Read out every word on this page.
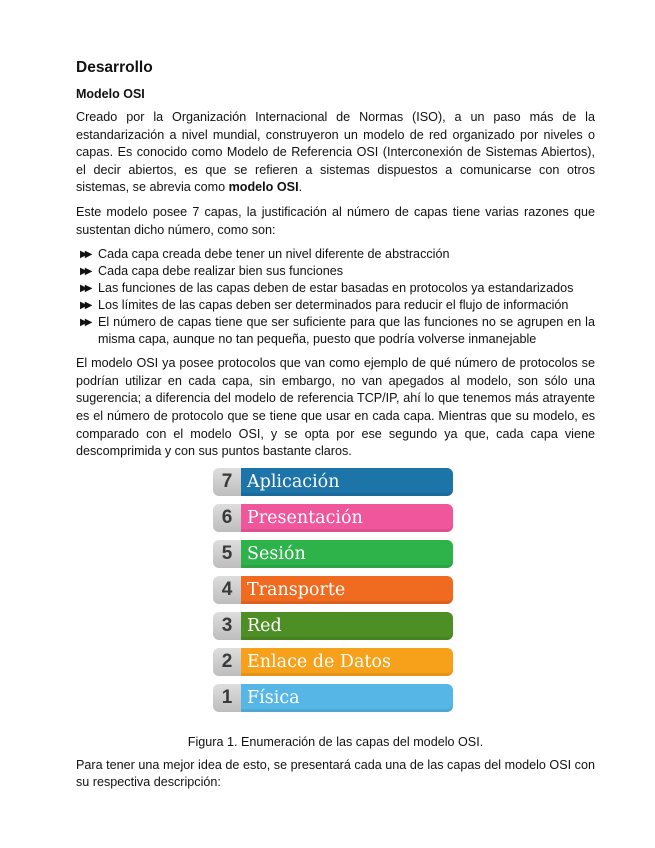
Desarrollo
Modelo OSI

Creado por la Organización Internacional de Normas (ISO), a un paso más de la estandarización a nivel mundial, construyeron un modelo de red organizado por niveles o capas. Es conocido como Modelo de Referencia OSI (Interconexión de Sistemas Abiertos), el decir abiertos, es que se refieren a sistemas dispuestos a comunicarse con otros sistemas, se abrevia como modelo OSI.

Este modelo posee 7 capas, la justificación al número de capas tiene varias razones que sustentan dicho número, como son:

▶▶ Cada capa creada debe tener un nivel diferente de abstracción
▶▶ Cada capa debe realizar bien sus funciones
▶▶ Las funciones de las capas deben de estar basadas en protocolos ya estandarizados
▶▶ Los límites de las capas deben ser determinados para reducir el flujo de información
▶▶ El número de capas tiene que ser suficiente para que las funciones no se agrupen en la misma capa, aunque no tan pequeña, puesto que podría volverse inmanejable

El modelo OSI ya posee protocolos que van como ejemplo de qué número de protocolos se podrían utilizar en cada capa, sin embargo, no van apegados al modelo, son sólo una sugerencia; a diferencia del modelo de referencia TCP/IP, ahí lo que tenemos más atrayente es el número de protocolo que se tiene que usar en cada capa. Mientras que su modelo, es comparado con el modelo OSI, y se opta por ese segundo ya que, cada capa viene descomprimida y con sus puntos bastante claros.

7 Aplicación
6 Presentación
5 Sesión
4 Transporte
3 Red
2 Enlace de Datos
1 Física
Figura 1. Enumeración de las capas del modelo OSI.

Para tener una mejor idea de esto, se presentará cada una de las capas del modelo OSI con su respectiva descripción:
